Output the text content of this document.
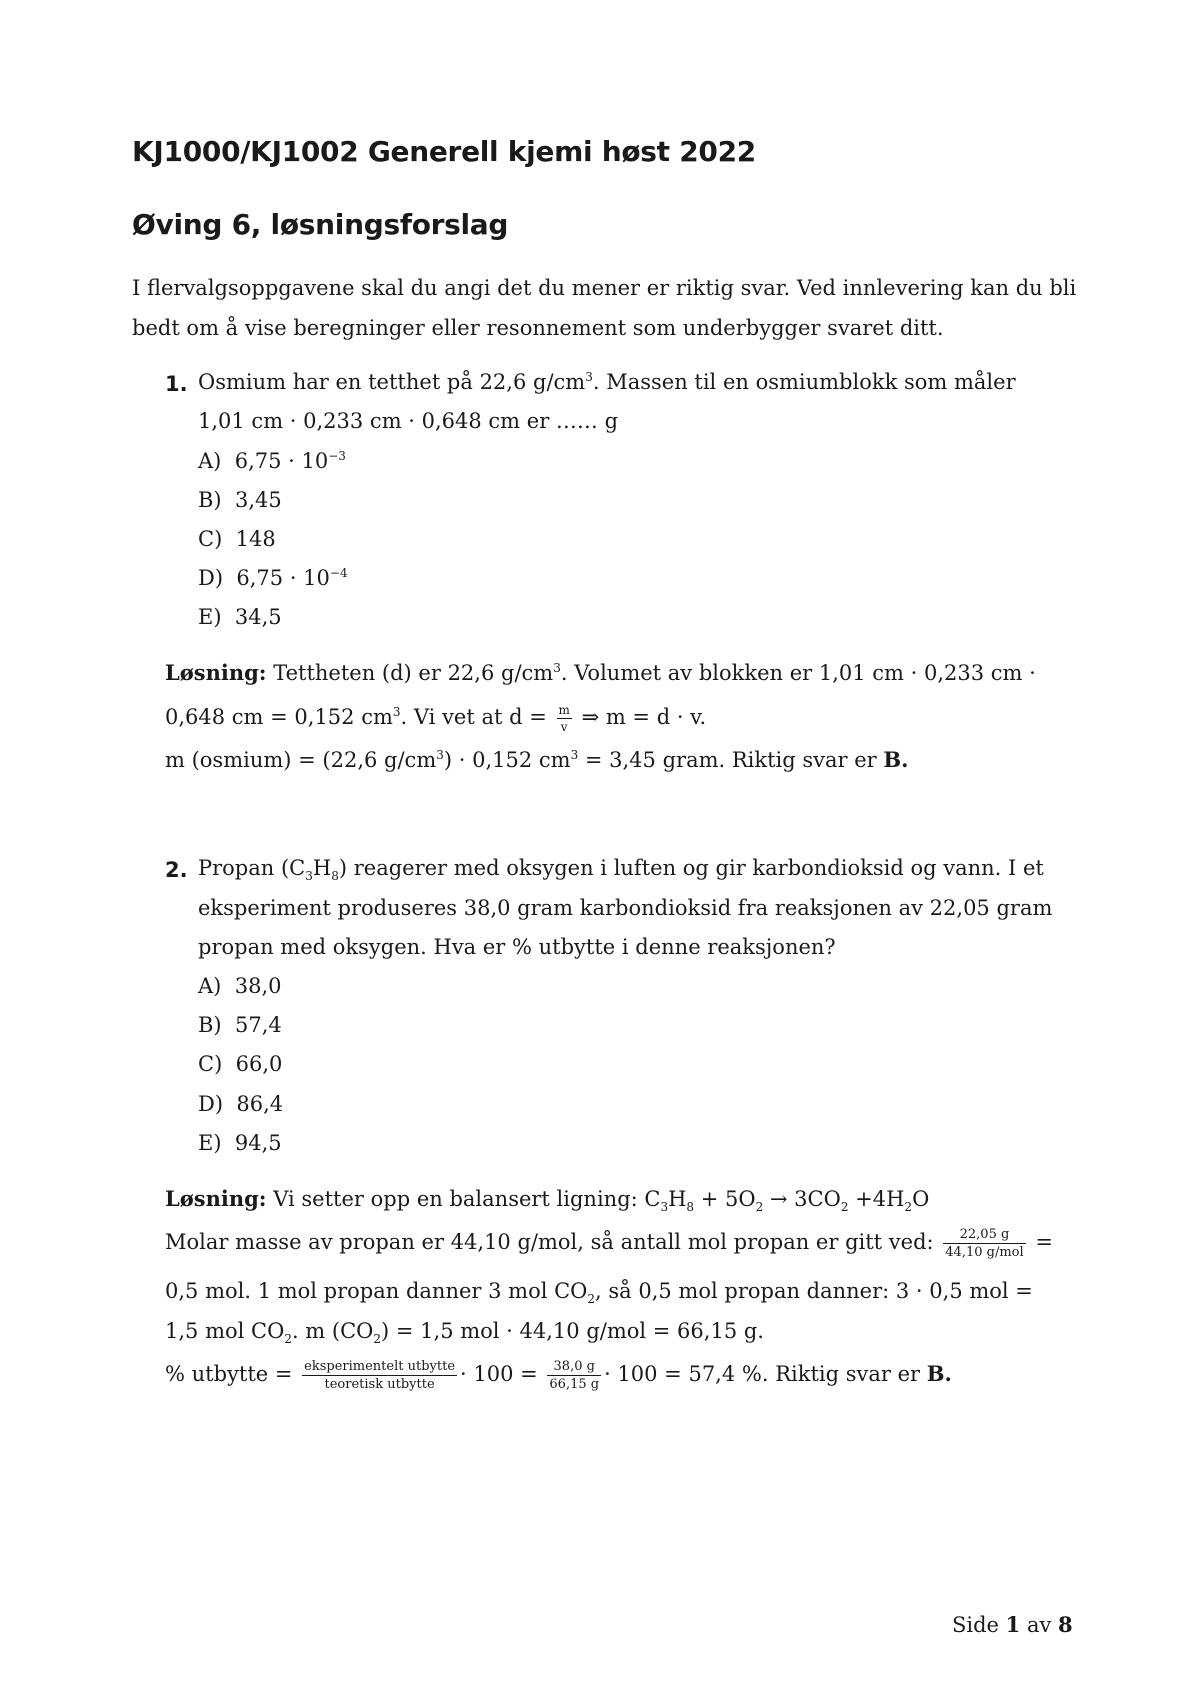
KJ1000/KJ1002 Generell kjemi høst 2022
Øving 6, løsningsforslag
I flervalgsoppgavene skal du angi det du mener er riktig svar. Ved innlevering kan du bli
bedt om å vise beregninger eller resonnement som underbygger svaret ditt.
1. Osmium har en tetthet på 22,6 $g/cm^3$. Massen til en osmiumblokk som måler
1,01 cm · 0,233 cm · 0,648 cm er …… g
A) $6,75 \cdot 10^{-3}$
B) 3,45
C) 148
D) $6,75 \cdot 10^{-4}$
E) 34,5
Løsning: Tettheten (d) er 22,6 $g/cm^3$. Volumet av blokken er 1,01 cm · 0,233 cm ·
0,648 cm = 0,152 $cm^3$. Vi vet at $d = \frac{m}{v}$ ⇒ m = d · v.
m (osmium) = (22,6 $g/cm^3) \cdot 0,152$ $cm^3 = 3,45$ gram. Riktig svar er B.
2. Propan $(C_3H_8)$ reagerer med oksygen i luften og gir karbondioksid og vann. I et
eksperiment produseres 38,0 gram karbondioksid fra reaksjonen av 22,05 gram
propan med oksygen. Hva er % utbytte i denne reaksjonen?
A) 38,0
B) 57,4
C) 66,0
D) 86,4
E) 94,5
Løsning: Vi setter opp en balansert ligning: $C_3H_8 + 5O_2 \to 3CO_2 +4H_2O$
Molar masse av propan er 44,10 g/mol, så antall mol propan er gitt ved: $\frac{22,05 g}{\text{44,10 g/mol}}$ =
0,5 mol. 1 mol propan danner 3 mol $CO_2$, så 0,5 mol propan danner: 3 · 0,5 mol =
1,5 mol $CO_2$. m $(CO_2) = 1,5$ mol · 44,10 g/mol = 66,15 g.
% utbytte = $\frac{\text{eksperimentelt utbytte}}{\text{teoretisk utbytte}} \cdot 100 = \frac{38,0 g}{66,15 g} \cdot 100 = 57,4$ %. Riktig svar er B.
Side 1 av 8
